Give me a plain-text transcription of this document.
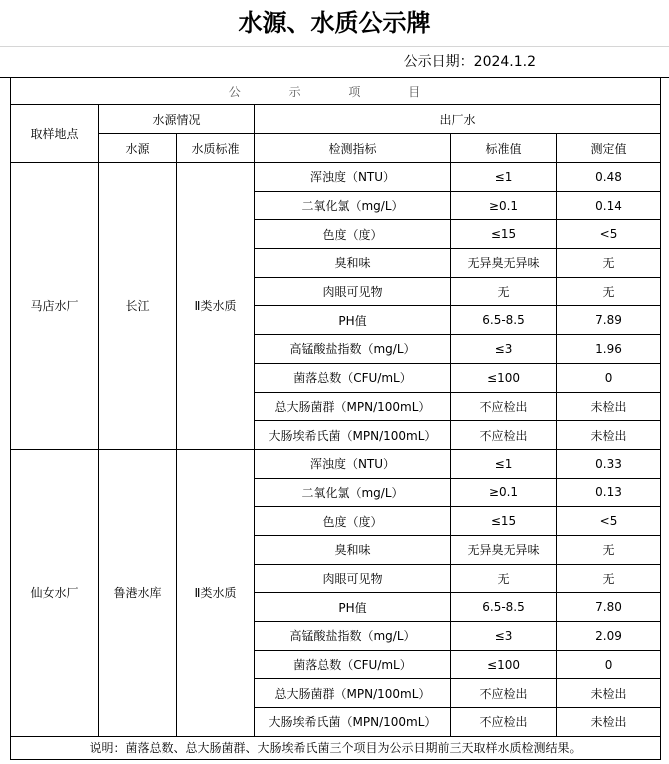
水源、水质公示牌
公示日期：2024.1.2
公 示 项 目					
取样地点	水源情况		出厂水		
	水源	水质标准	检测指标	标准值	测定值
马店水厂	长江	Ⅱ类水质	浑浊度（NTU）	≤1	0.48
			二氧化氯（mg/L）	≥0.1	0.14
			色度（度）	≤15	<5
			臭和味	无异臭无异味	无
			肉眼可见物	无	无
			PH值	6.5-8.5	7.89
			高锰酸盐指数（mg/L）	≤3	1.96
			菌落总数（CFU/mL）	≤100	0
			总大肠菌群（MPN/100mL）	不应检出	未检出
			大肠埃希氏菌（MPN/100mL）	不应检出	未检出
仙女水厂	鲁港水库	Ⅱ类水质	浑浊度（NTU）	≤1	0.33
			二氧化氯（mg/L）	≥0.1	0.13
			色度（度）	≤15	<5
			臭和味	无异臭无异味	无
			肉眼可见物	无	无
			PH值	6.5-8.5	7.80
			高锰酸盐指数（mg/L）	≤3	2.09
			菌落总数（CFU/mL）	≤100	0
			总大肠菌群（MPN/100mL）	不应检出	未检出
			大肠埃希氏菌（MPN/100mL）	不应检出	未检出
说明：菌落总数、总大肠菌群、大肠埃希氏菌三个项目为公示日期前三天取样水质检测结果。					
